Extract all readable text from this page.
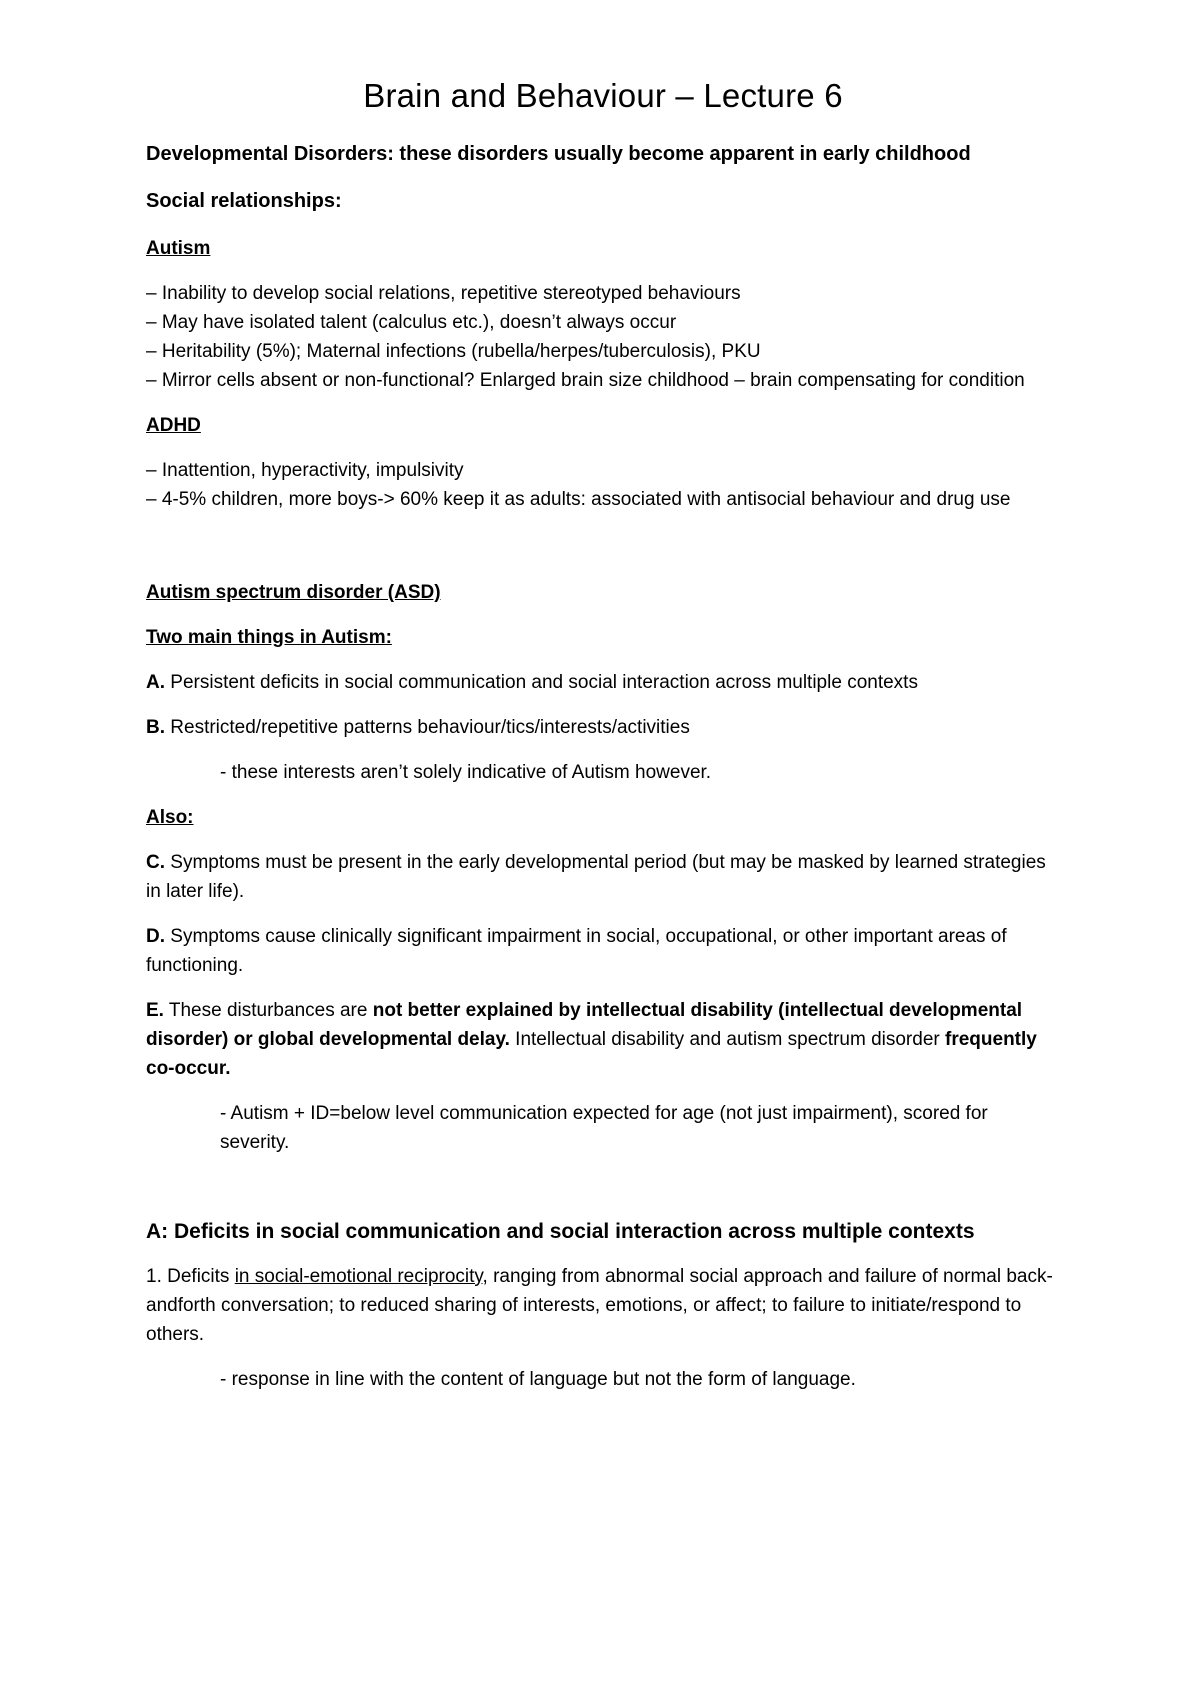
Brain and Behaviour – Lecture 6
Developmental Disorders: these disorders usually become apparent in early childhood
Social relationships:
Autism
– Inability to develop social relations, repetitive stereotyped behaviours
– May have isolated talent (calculus etc.), doesn’t always occur
– Heritability (5%); Maternal infections (rubella/herpes/tuberculosis), PKU
– Mirror cells absent or non-functional? Enlarged brain size childhood – brain compensating for condition
ADHD
– Inattention, hyperactivity, impulsivity
– 4-5% children, more boys-> 60% keep it as adults: associated with antisocial behaviour and drug use
Autism spectrum disorder (ASD)
Two main things in Autism:
A. Persistent deficits in social communication and social interaction across multiple contexts
B. Restricted/repetitive patterns behaviour/tics/interests/activities
- these interests aren’t solely indicative of Autism however.
Also:
C. Symptoms must be present in the early developmental period (but may be masked by learned strategies in later life).
D. Symptoms cause clinically significant impairment in social, occupational, or other important areas of functioning.
E. These disturbances are not better explained by intellectual disability (intellectual developmental disorder) or global developmental delay. Intellectual disability and autism spectrum disorder frequently co-occur.
- Autism + ID=below level communication expected for age (not just impairment), scored for severity.
A: Deficits in social communication and social interaction across multiple contexts
1. Deficits in social-emotional reciprocity, ranging from abnormal social approach and failure of normal back-andforth conversation; to reduced sharing of interests, emotions, or affect; to failure to initiate/respond to others.
- response in line with the content of language but not the form of language.
